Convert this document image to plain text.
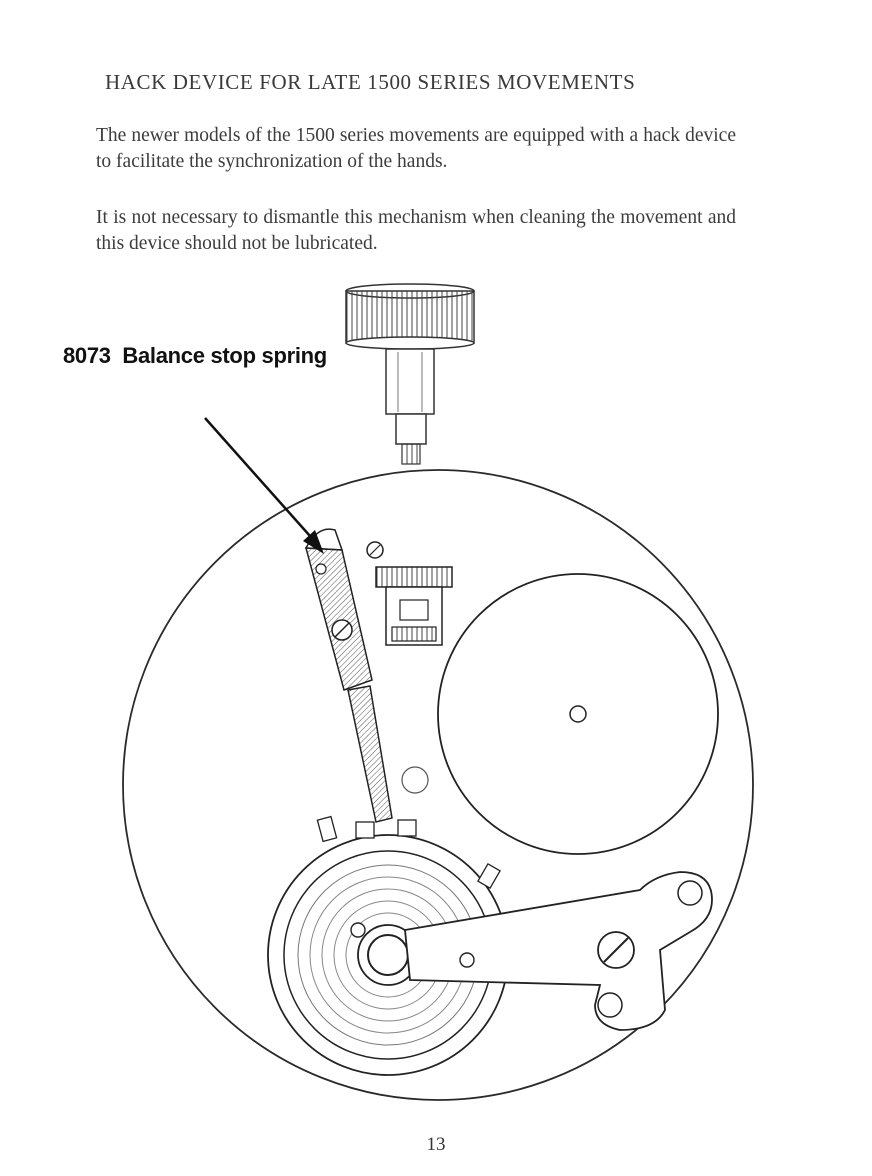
HACK DEVICE FOR LATE 1500 SERIES MOVEMENTS

The newer models of the 1500 series movements are equipped with a hack device to facilitate the synchronization of the hands.

It is not necessary to dismantle this mechanism when cleaning the movement and this device should not be lubricated.

8073 Balance stop spring
13
